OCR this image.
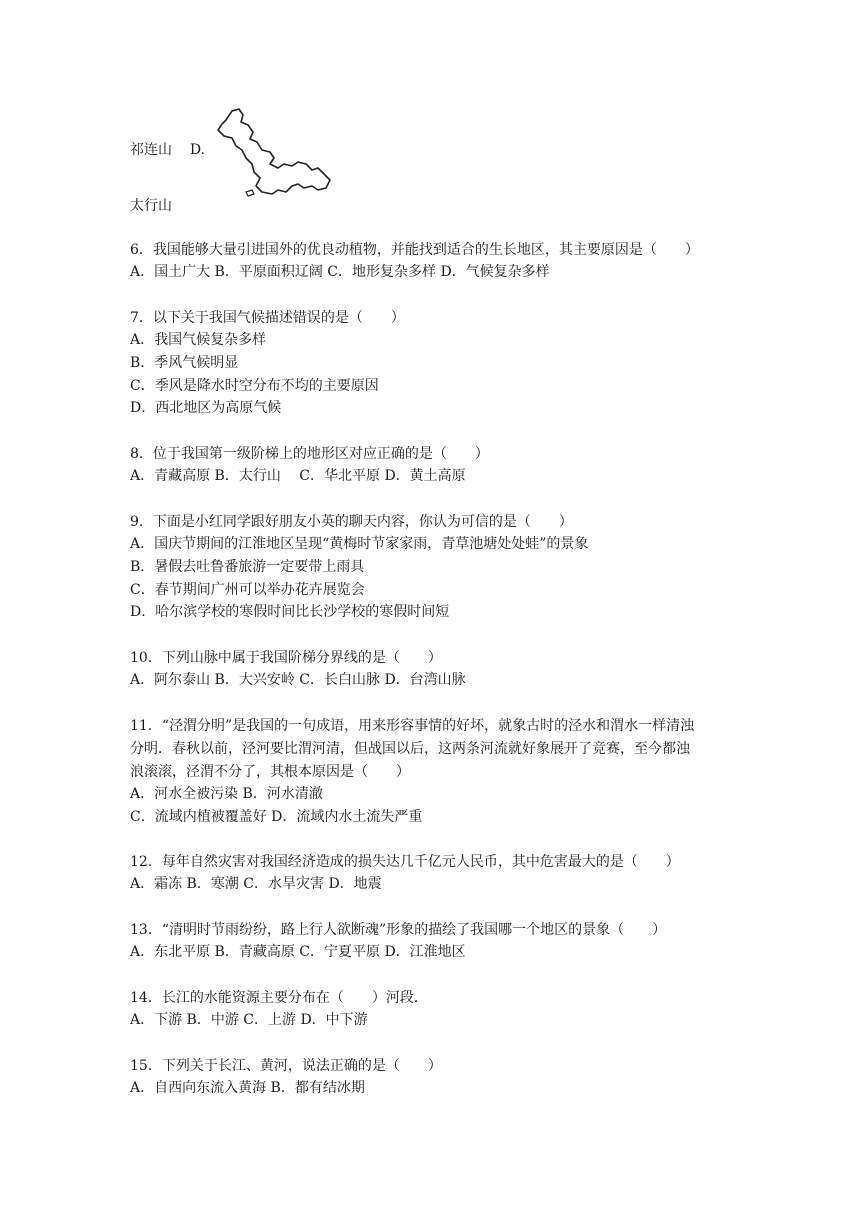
祁连山 D.
太行山
6．我国能够大量引进国外的优良动植物，并能找到适合的生长地区，其主要原因是（　　）
A．国土广大 B．平原面积辽阔 C．地形复杂多样 D．气候复杂多样
7．以下关于我国气候描述错误的是（　　）
A．我国气候复杂多样
B．季风气候明显
C．季风是降水时空分布不均的主要原因
D．西北地区为高原气候
8．位于我国第一级阶梯上的地形区对应正确的是（　　）
A．青藏高原 B．太行山　 C．华北平原 D．黄土高原
9．下面是小红同学跟好朋友小英的聊天内容，你认为可信的是（　　）
A．国庆节期间的江淮地区呈现“黄梅时节家家雨，青草池塘处处蛙”的景象
B．暑假去吐鲁番旅游一定要带上雨具
C．春节期间广州可以举办花卉展览会
D．哈尔滨学校的寒假时间比长沙学校的寒假时间短
10．下列山脉中属于我国阶梯分界线的是（　　）
A．阿尔泰山 B．大兴安岭 C．长白山脉 D．台湾山脉
11．“泾渭分明”是我国的一句成语，用来形容事情的好坏，就象古时的泾水和渭水一样清浊
分明．春秋以前，泾河要比渭河清，但战国以后，这两条河流就好象展开了竞赛，至今都浊
浪滚滚，泾渭不分了，其根本原因是（　　）
A．河水全被污染 B．河水清澈
C．流域内植被覆盖好 D．流域内水土流失严重
12．每年自然灾害对我国经济造成的损失达几千亿元人民币，其中危害最大的是（　　）
A．霜冻 B．寒潮 C．水旱灾害 D．地震
13．“清明时节雨纷纷，路上行人欲断魂”形象的描绘了我国哪一个地区的景象（　　）
A．东北平原 B．青藏高原 C．宁夏平原 D．江淮地区
14．长江的水能资源主要分布在（　　）河段．
A．下游 B．中游 C．上游 D．中下游
15．下列关于长江、黄河，说法正确的是（　　）
A．自西向东流入黄海 B．都有结冰期
